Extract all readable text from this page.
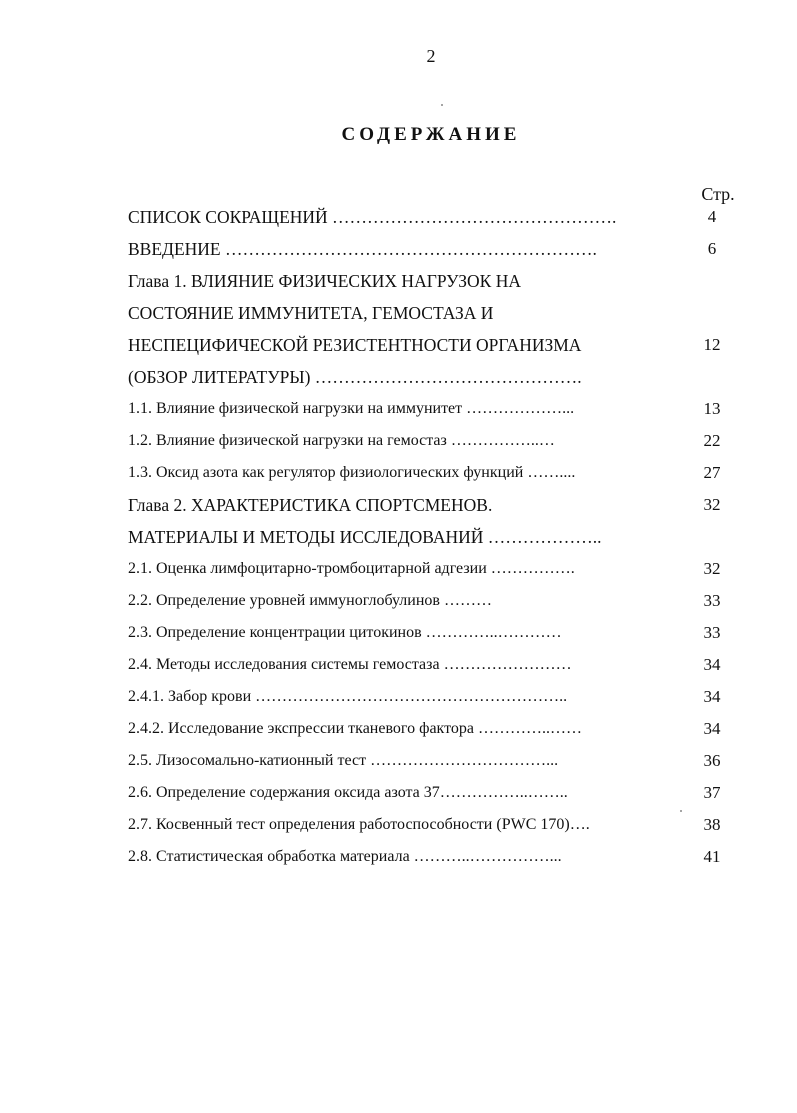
2
СОДЕРЖАНИЕ
Стр.
СПИСОК СОКРАЩЕНИЙ ………………………………………….	4
ВВЕДЕНИЕ ……………………………………………………….	6
Глава 1. ВЛИЯНИЕ ФИЗИЧЕСКИХ НАГРУЗОК НА
СОСТОЯНИЕ ИММУНИТЕТА, ГЕМОСТАЗА И
НЕСПЕЦИФИЧЕСКОЙ РЕЗИСТЕНТНОСТИ ОРГАНИЗМА	12
(ОБЗОР ЛИТЕРАТУРЫ) ……………………………………….
1.1. Влияние физической нагрузки на иммунитет ………………...	13
1.2. Влияние физической нагрузки на гемостаз ……………..…	22
1.3. Оксид азота как регулятор физиологических функций ……....	27
Глава 2. ХАРАКТЕРИСТИКА СПОРТСМЕНОВ.	32
МАТЕРИАЛЫ И МЕТОДЫ ИССЛЕДОВАНИЙ ………………..
2.1. Оценка лимфоцитарно-тромбоцитарной адгезии …………….	32
2.2. Определение уровней иммуноглобулинов ………	33
2.3. Определение концентрации цитокинов …………..…………	33
2.4. Методы исследования системы гемостаза ……………………	34
2.4.1. Забор крови …………………………………………………..	34
2.4.2. Исследование экспрессии тканевого фактора …………..……	34
2.5. Лизосомально-катионный тест ……………………………...	36
2.6. Определение содержания оксида азота 37……………..……..	37
2.7. Косвенный тест определения работоспособности (PWC 170)….	38
2.8. Статистическая обработка материала ………..……………...	41
